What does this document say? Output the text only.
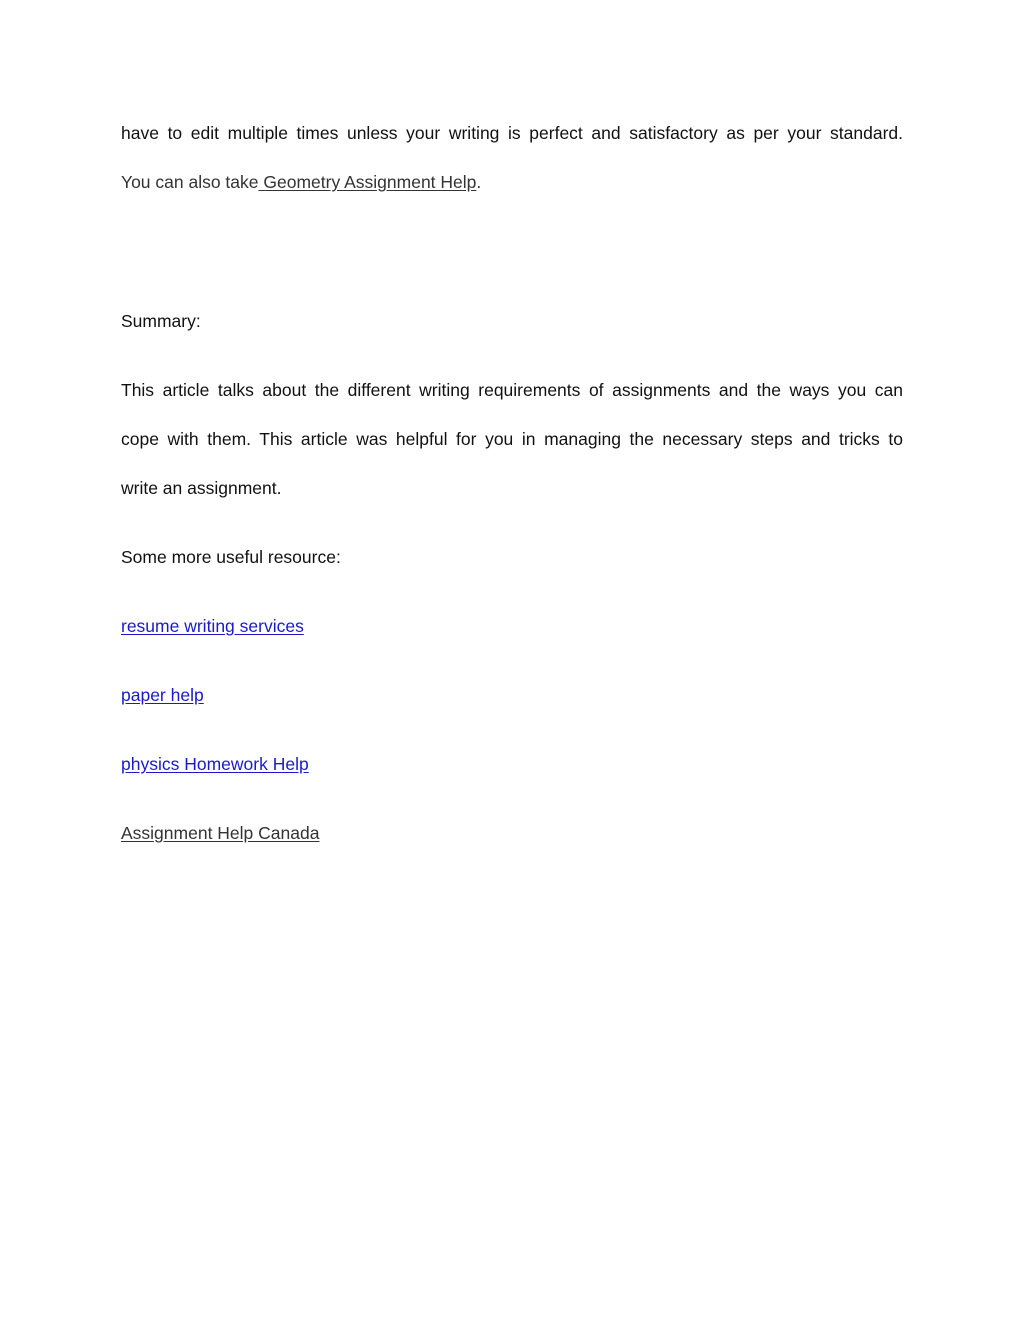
have to edit multiple times unless your writing is perfect and satisfactory as per your standard.
You can also take Geometry Assignment Help.
Summary:
This article talks about the different writing requirements of assignments and the ways you can
cope with them. This article was helpful for you in managing the necessary steps and tricks to
write an assignment.
Some more useful resource:
resume writing services
paper help
physics Homework Help
Assignment Help Canada
